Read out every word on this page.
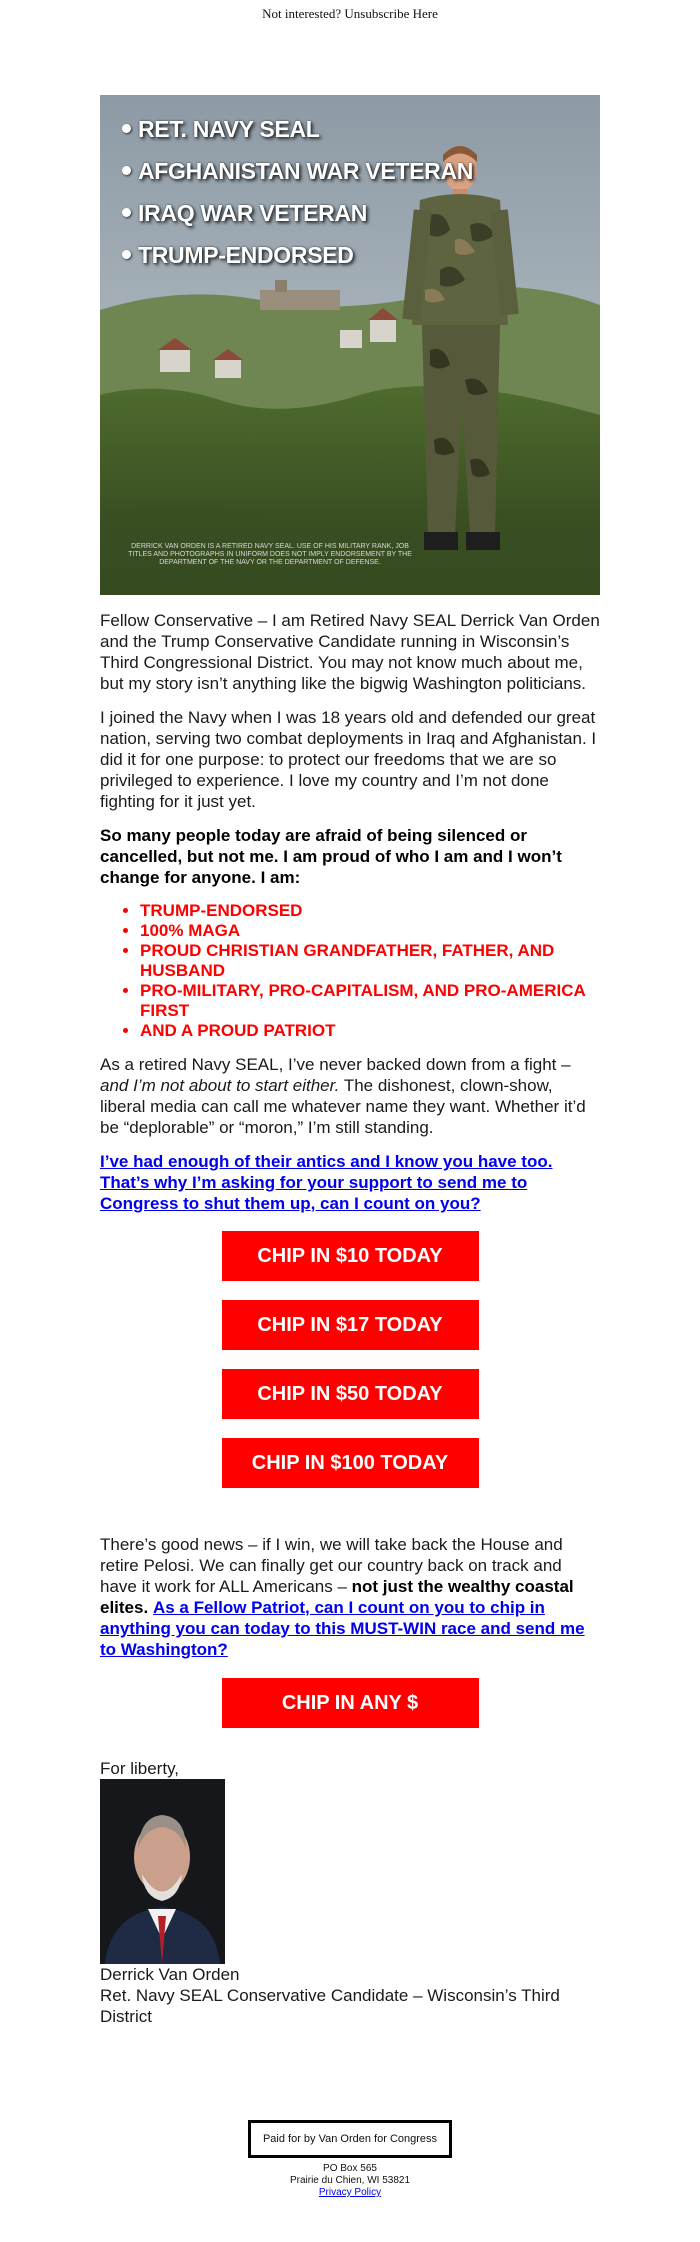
Not interested? Unsubscribe Here
RET. NAVY SEAL
AFGHANISTAN WAR VETERAN
IRAQ WAR VETERAN
TRUMP-ENDORSED
DERRICK VAN ORDEN IS A RETIRED NAVY SEAL. USE OF HIS MILITARY RANK, JOB TITLES AND PHOTOGRAPHS IN UNIFORM DOES NOT IMPLY ENDORSEMENT BY THE DEPARTMENT OF THE NAVY OR THE DEPARTMENT OF DEFENSE.

Fellow Conservative – I am Retired Navy SEAL Derrick Van Orden and the Trump Conservative Candidate running in Wisconsin’s Third Congressional District. You may not know much about me, but my story isn’t anything like the bigwig Washington politicians.

I joined the Navy when I was 18 years old and defended our great nation, serving two combat deployments in Iraq and Afghanistan. I did it for one purpose: to protect our freedoms that we are so privileged to experience. I love my country and I’m not done fighting for it just yet.

So many people today are afraid of being silenced or cancelled, but not me. I am proud of who I am and I won’t change for anyone. I am:

• TRUMP-ENDORSED
• 100% MAGA
• PROUD CHRISTIAN GRANDFATHER, FATHER, AND HUSBAND
• PRO-MILITARY, PRO-CAPITALISM, AND PRO-AMERICA FIRST
• AND A PROUD PATRIOT

As a retired Navy SEAL, I’ve never backed down from a fight – and I’m not about to start either. The dishonest, clown-show, liberal media can call me whatever name they want. Whether it’d be “deplorable” or “moron,” I’m still standing.

I’ve had enough of their antics and I know you have too. That’s why I’m asking for your support to send me to Congress to shut them up, can I count on you?

CHIP IN $10 TODAY
CHIP IN $17 TODAY
CHIP IN $50 TODAY
CHIP IN $100 TODAY

There’s good news – if I win, we will take back the House and retire Pelosi. We can finally get our country back on track and have it work for ALL Americans – not just the wealthy coastal elites. As a Fellow Patriot, can I count on you to chip in anything you can today to this MUST-WIN race and send me to Washington?

CHIP IN ANY $
For liberty,
Derrick Van Orden
Ret. Navy SEAL Conservative Candidate – Wisconsin’s Third District
Paid for by Van Orden for Congress
PO Box 565
Prairie du Chien, WI 53821
Privacy Policy
